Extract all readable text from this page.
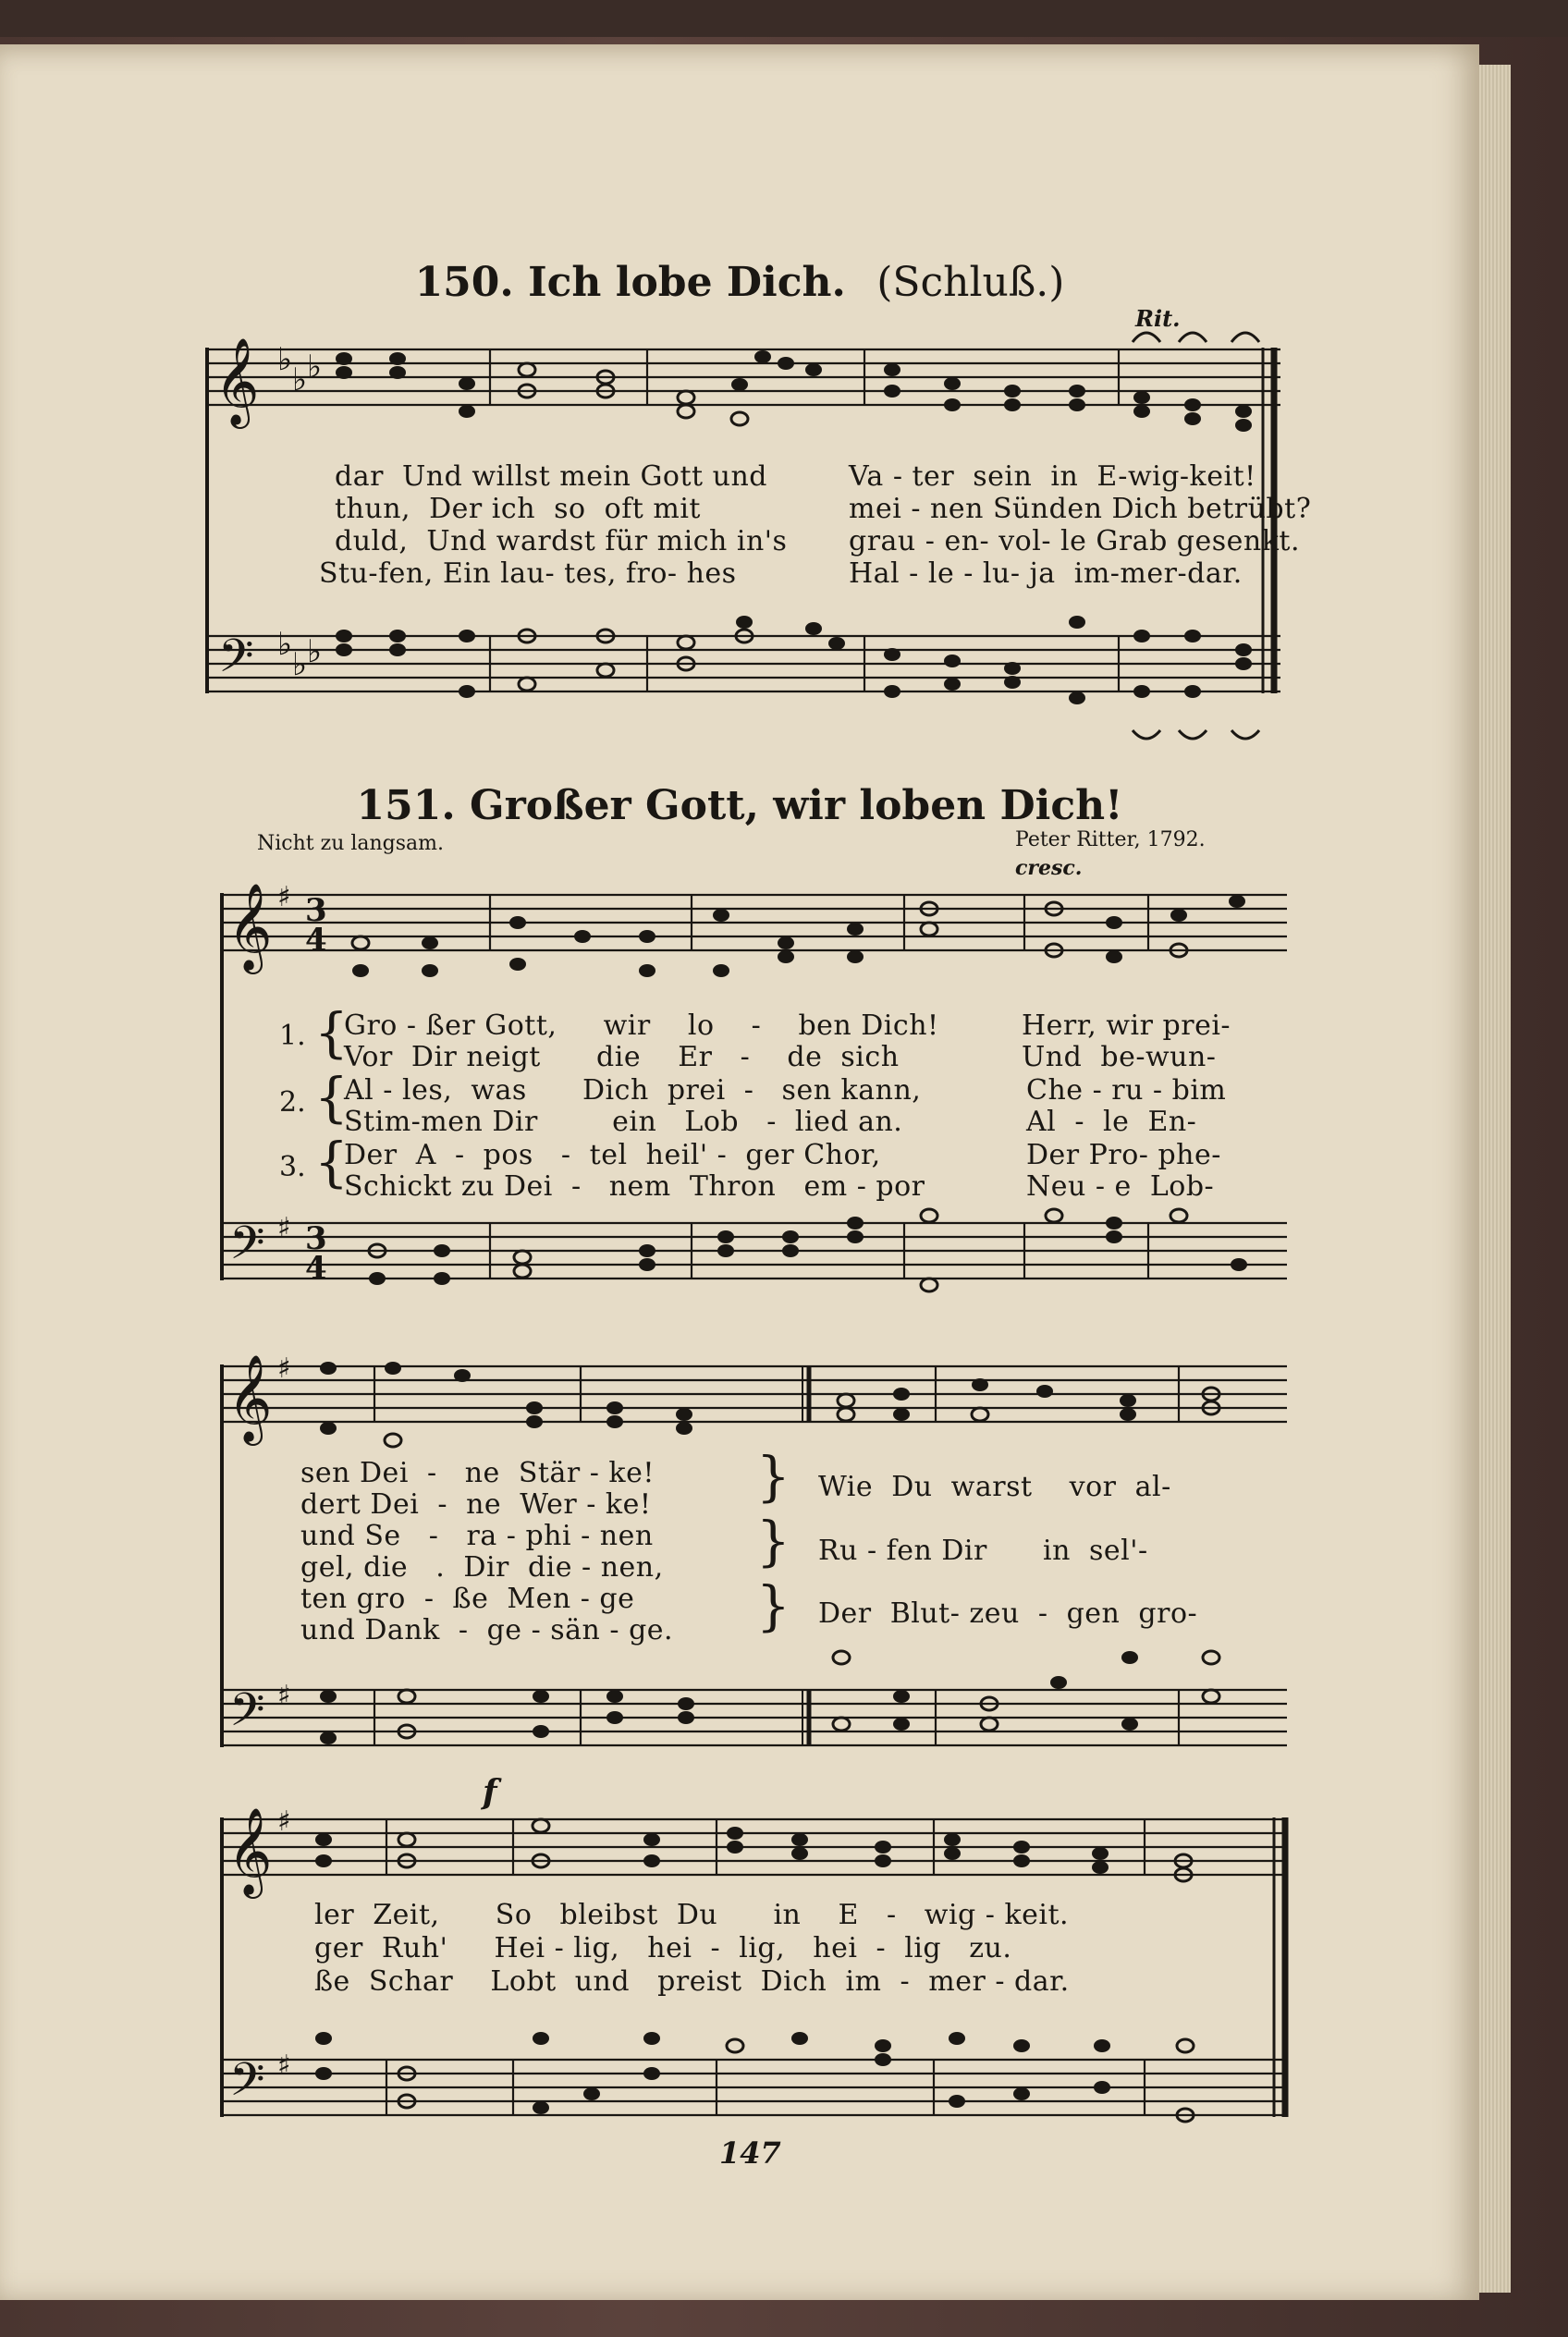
150. Ich lobe Dich. (Schluß.)
Rit.
𝄞
𝄢
𝄞
𝄢
𝄞
𝄢
𝄞
𝄢
♭
♭ ♭
♭
♭ ♭
♯
♯
♯
♯
♯
♯
3
4
3
4
dar  Und willst mein Gott und
thun,  Der ich  so  oft mit
duld,  Und wardst für mich in's
Stu-fen, Ein lau- tes, fro- hes
Va - ter  sein  in  E-wig-keit!
mei - nen Sünden Dich betrübt?
grau - en- vol- le Grab gesenkt.
Hal - le - lu- ja  im-mer-dar.
151. Großer Gott, wir loben Dich!
Nicht zu langsam.	Peter Ritter, 1792.
cresc.
f
1.
2.
3.
{
{
{
Gro - ßer Gott,     wir    lo    -    ben Dich!
Vor  Dir neigt      die    Er   -    de  sich
Al - les,  was      Dich  prei  -   sen kann,
Stim-men Dir        ein   Lob   -  lied an.
Der  A  -  pos   -  tel  heil' -  ger Chor,
Schickt zu Dei  -   nem  Thron   em - por
Herr, wir prei-
Und  be-wun-
Che - ru - bim
Al  -  le  En-
Der Pro- phe-
Neu - e  Lob-
sen Dei  -   ne  Stär - ke!
dert Dei  -  ne  Wer - ke!
und Se   -   ra - phi - nen
gel, die   .  Dir  die - nen,
ten gro  -  ße  Men - ge
und Dank  -  ge - sän - ge.
{
{
{
Wie  Du  warst    vor  al-
Ru - fen Dir      in  sel'-
Der  Blut- zeu  -  gen  gro-
ler  Zeit,      So   bleibst  Du      in    E   -   wig - keit.
ger  Ruh'     Hei - lig,   hei  -  lig,   hei  -  lig   zu.
ße  Schar    Lobt  und   preist  Dich  im  -  mer - dar.
147
